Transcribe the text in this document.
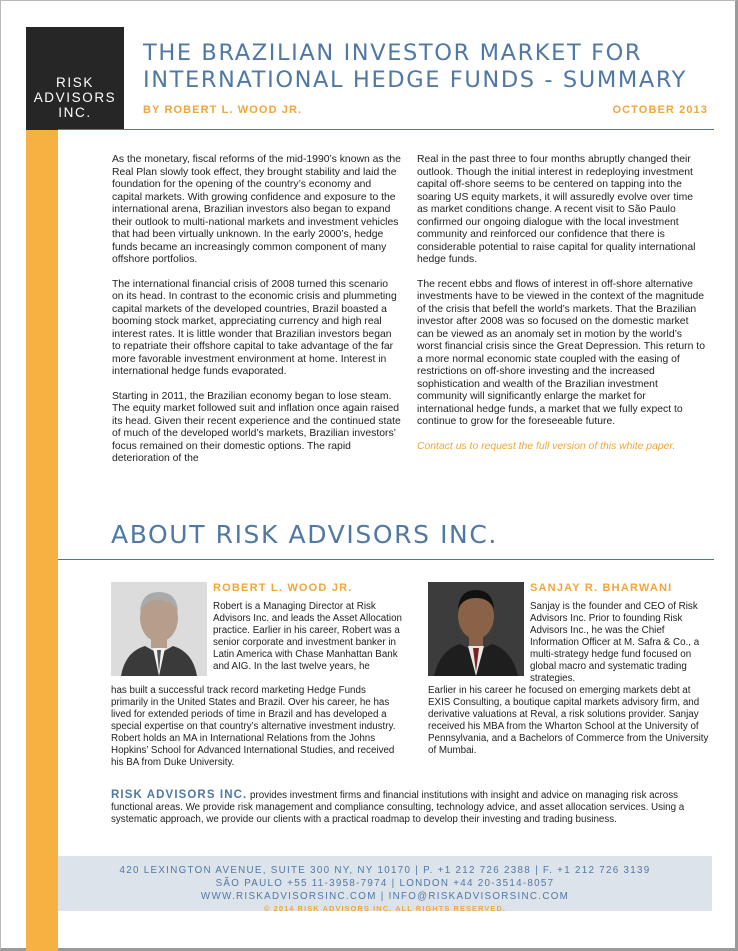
RISK
ADVISORS
INC.
THE BRAZILIAN INVESTOR MARKET FOR
INTERNATIONAL HEDGE FUNDS - SUMMARY
BY ROBERT L. WOOD JR.	OCTOBER 2013

As the monetary, fiscal reforms of the mid-1990’s known as the Real Plan slowly took effect, they brought stability and laid the foundation for the opening of the country’s economy and capital markets. With growing confidence and exposure to the international arena, Brazilian investors also began to expand their outlook to multi-national markets and investment vehicles that had been virtually unknown. In the early 2000’s, hedge funds became an increasingly common component of many offshore portfolios.

The international financial crisis of 2008 turned this scenario on its head. In contrast to the economic crisis and plummeting capital markets of the developed countries, Brazil boasted a booming stock market, appreciating currency and high real interest rates. It is little wonder that Brazilian investors began to repatriate their offshore capital to take advantage of the far more favorable investment environment at home. Interest in international hedge funds evaporated.

Starting in 2011, the Brazilian economy began to lose steam. The equity market followed suit and inflation once again raised its head. Given their recent experience and the continued state of much of the developed world’s markets, Brazilian investors’ focus remained on their domestic options. The rapid deterioration of the

Real in the past three to four months abruptly changed their outlook. Though the initial interest in redeploying investment capital off-shore seems to be centered on tapping into the soaring US equity markets, it will assuredly evolve over time as market conditions change. A recent visit to São Paulo confirmed our ongoing dialogue with the local investment community and reinforced our confidence that there is considerable potential to raise capital for quality international hedge funds.

The recent ebbs and flows of interest in off-shore alternative investments have to be viewed in the context of the magnitude of the crisis that befell the world’s markets. That the Brazilian investor after 2008 was so focused on the domestic market can be viewed as an anomaly set in motion by the world’s worst financial crisis since the Great Depression. This return to a more normal economic state coupled with the easing of restrictions on off-shore investing and the increased sophistication and wealth of the Brazilian investment community will significantly enlarge the market for international hedge funds, a market that we fully expect to continue to grow for the foreseeable future.

Contact us to request the full version of this white paper.

ABOUT RISK ADVISORS INC.
ROBERT L. WOOD JR.
Robert is a Managing Director at Risk Advisors Inc. and leads the Asset Allocation practice. Earlier in his career, Robert was a senior corporate and investment banker in Latin America with Chase Manhattan Bank and AIG. In the last twelve years, he
has built a successful track record marketing Hedge Funds primarily in the United States and Brazil. Over his career, he has lived for extended periods of time in Brazil and has developed a special expertise on that country’s alternative investment industry. Robert holds an MA in International Relations from the Johns Hopkins’ School for Advanced International Studies, and received his BA from Duke University.
SANJAY R. BHARWANI
Sanjay is the founder and CEO of Risk Advisors Inc. Prior to founding Risk Advisors Inc., he was the Chief Information Officer at M. Safra & Co., a multi-strategy hedge fund focused on global macro and systematic trading strategies.
Earlier in his career he focused on emerging markets debt at EXIS Consulting, a boutique capital markets advisory firm, and derivative valuations at Reval, a risk solutions provider. Sanjay received his MBA from the Wharton School at the University of Pennsylvania, and a Bachelors of Commerce from the University of Mumbai.
RISK ADVISORS INC. provides investment firms and financial institutions with insight and advice on managing risk across functional areas. We provide risk management and compliance consulting, technology advice, and asset allocation services. Using a systematic approach, we provide our clients with a practical roadmap to develop their investing and trading business.
420 LEXINGTON AVENUE, SUITE 300 NY, NY 10170 | P. +1 212 726 2388 | F. +1 212 726 3139
SÃO PAULO +55 11-3958-7974 | LONDON +44 20-3514-8057
WWW.RISKADVISORSINC.COM | INFO@RISKADVISORSINC.COM
© 2014 RISK ADVISORS INC. ALL RIGHTS RESERVED.
